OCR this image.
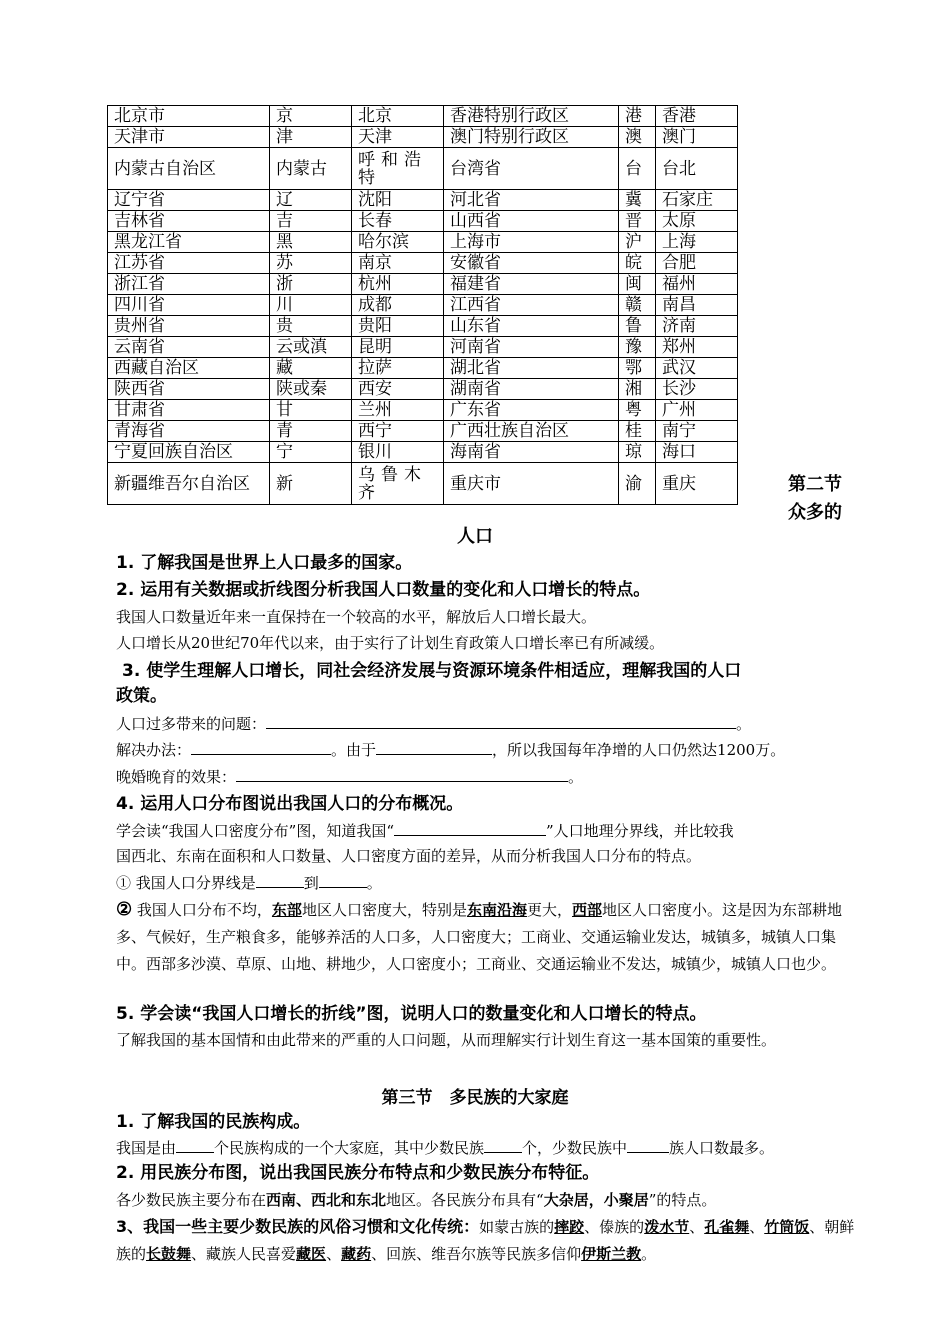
北京市	京	北京	香港特别行政区	港	香港
天津市	津	天津	澳门特别行政区	澳	澳门
内蒙古自治区	内蒙古	呼和浩特	台湾省	台	台北
辽宁省	辽	沈阳	河北省	冀	石家庄
吉林省	吉	长春	山西省	晋	太原
黑龙江省	黑	哈尔滨	上海市	沪	上海
江苏省	苏	南京	安徽省	皖	合肥
浙江省	浙	杭州	福建省	闽	福州
四川省	川	成都	江西省	赣	南昌
贵州省	贵	贵阳	山东省	鲁	济南
云南省	云或滇	昆明	河南省	豫	郑州
西藏自治区	藏	拉萨	湖北省	鄂	武汉
陕西省	陕或秦	西安	湖南省	湘	长沙
甘肃省	甘	兰州	广东省	粤	广州
青海省	青	西宁	广西壮族自治区	桂	南宁
宁夏回族自治区	宁	银川	海南省	琼	海口
新疆维吾尔自治区	新	乌鲁木齐	重庆市	渝	重庆	第二节
众多的
人口
1. 了解我国是世界上人口最多的国家。
2. 运用有关数据或折线图分析我国人口数量的变化和人口增长的特点。
我国人口数量近年来一直保持在一个较高的水平，解放后人口增长最大。
人口增长从20世纪70年代以来，由于实行了计划生育政策人口增长率已有所减缓。
3. 使学生理解人口增长，同社会经济发展与资源环境条件相适应，理解我国的人口
政策。
人口过多带来的问题：	。
解决办法：	。由于	，所以我国每年净增的人口仍然达1200万。
晚婚晚育的效果：	。
4. 运用人口分布图说出我国人口的分布概况。
学会读“我国人口密度分布”图，知道我国“	”人口地理分界线，并比较我
国西北、东南在面积和人口数量、人口密度方面的差异，从而分析我国人口分布的特点。
① 我国人口分界线是	到	。
② 我国人口分布不均，东部地区人口密度大，特别是东南沿海更大，西部地区人口密度小。这是因为东部耕地多、气候好，生产粮食多，能够养活的人口多，人口密度大；工商业、交通运输业发达，城镇多，城镇人口集中。西部多沙漠、草原、山地、耕地少，人口密度小；工商业、交通运输业不发达，城镇少，城镇人口也少。
5. 学会读“我国人口增长的折线”图，说明人口的数量变化和人口增长的特点。
了解我国的基本国情和由此带来的严重的人口问题，从而理解实行计划生育这一基本国策的重要性。
第三节　多民族的大家庭
1. 了解我国的民族构成。
我国是由	个民族构成的一个大家庭，其中少数民族	个，少数民族中	族人口数最多。
2. 用民族分布图，说出我国民族分布特点和少数民族分布特征。
各少数民族主要分布在西南、西北和东北地区。各民族分布具有“大杂居，小聚居”的特点。
3、我国一些主要少数民族的风俗习惯和文化传统：如蒙古族的摔跤、傣族的泼水节、孔雀舞、竹筒饭、朝鲜族的长鼓舞、藏族人民喜爱藏医、藏药、回族、维吾尔族等民族多信仰伊斯兰教。
